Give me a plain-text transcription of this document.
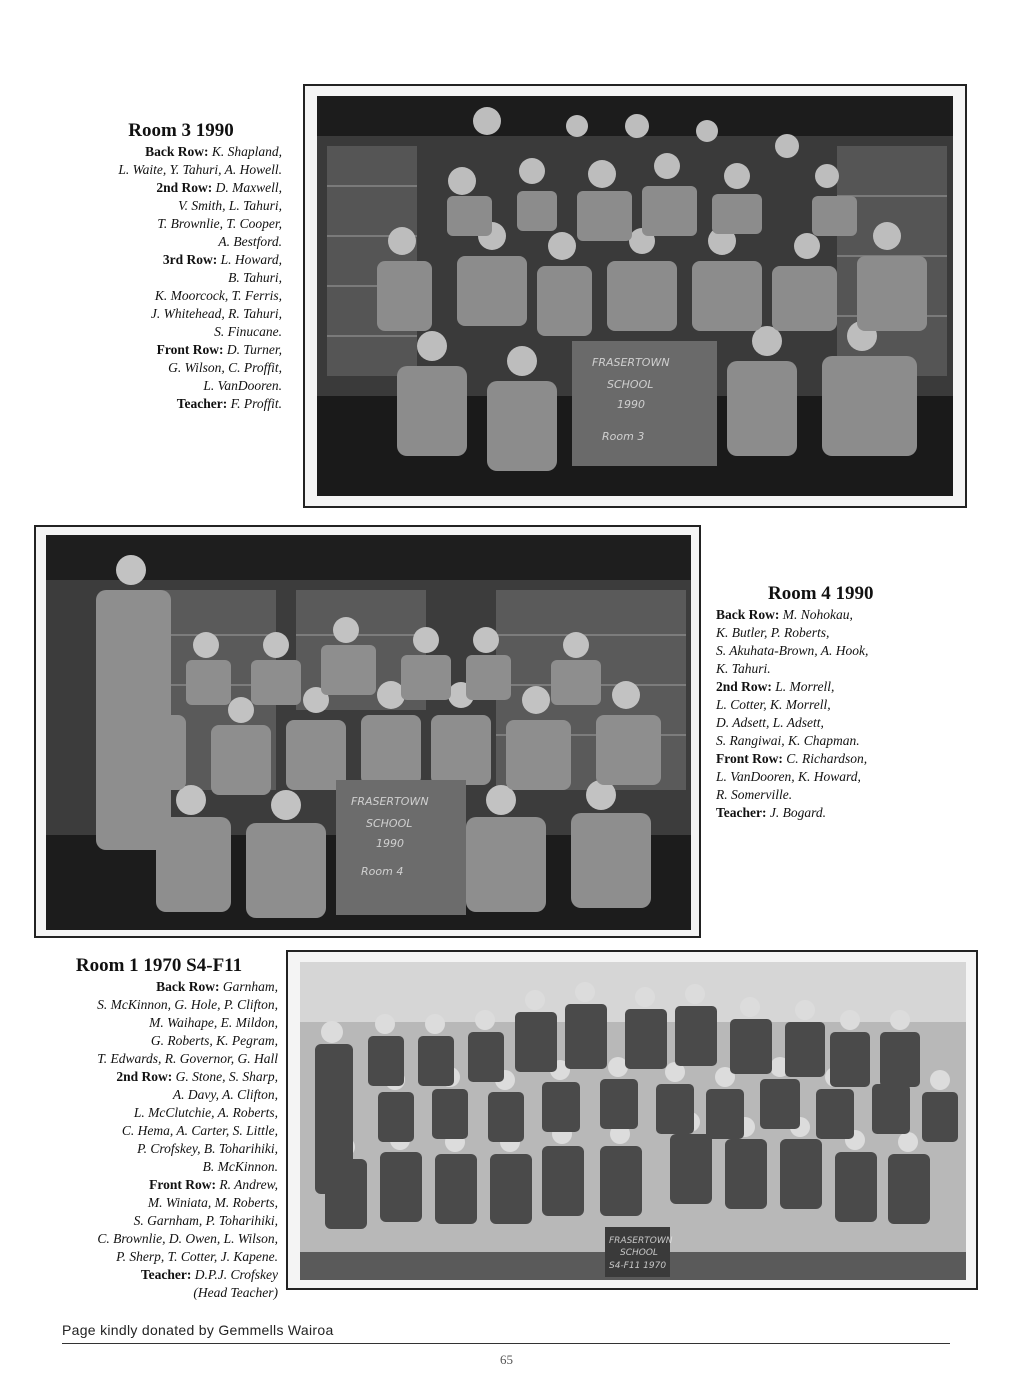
Room 3 1990
Back Row: K. Shapland,
L. Waite, Y. Tahuri, A. Howell.
2nd Row: D. Maxwell,
V. Smith, L. Tahuri,
T. Brownlie, T. Cooper,
A. Bestford.
3rd Row: L. Howard,
B. Tahuri,
K. Moorcock, T. Ferris,
J. Whitehead, R. Tahuri,
S. Finucane.
Front Row: D. Turner,
G. Wilson, C. Proffit,
L. VanDooren.
Teacher: F. Proffit.
FRASERTOWN
SCHOOL
1990
Room 3
FRASERTOWN
SCHOOL
1990
Room 4
Room 4 1990
Back Row: M. Nohokau,
K. Butler, P. Roberts,
S. Akuhata-Brown, A. Hook,
K. Tahuri.
2nd Row: L. Morrell,
L. Cotter, K. Morrell,
D. Adsett, L. Adsett,
S. Rangiwai, K. Chapman.
Front Row: C. Richardson,
L. VanDooren, K. Howard,
R. Somerville.
Teacher: J. Bogard.
Room 1 1970 S4-F11
Back Row: Garnham,
S. McKinnon, G. Hole, P. Clifton,
M. Waihape, E. Mildon,
G. Roberts, K. Pegram,
T. Edwards, R. Governor, G. Hall
2nd Row: G. Stone, S. Sharp,
A. Davy, A. Clifton,
L. McClutchie, A. Roberts,
C. Hema, A. Carter, S. Little,
P. Crofskey, B. Toharihiki,
B. McKinnon.
Front Row: R. Andrew,
M. Winiata, M. Roberts,
S. Garnham, P. Toharihiki,
C. Brownlie, D. Owen, L. Wilson,
P. Sherp, T. Cotter, J. Kapene.
Teacher: D.P.J. Crofskey
(Head Teacher)
FRASERTOWN
SCHOOL
S4-F11 1970
Page kindly donated by Gemmells Wairoa
65
